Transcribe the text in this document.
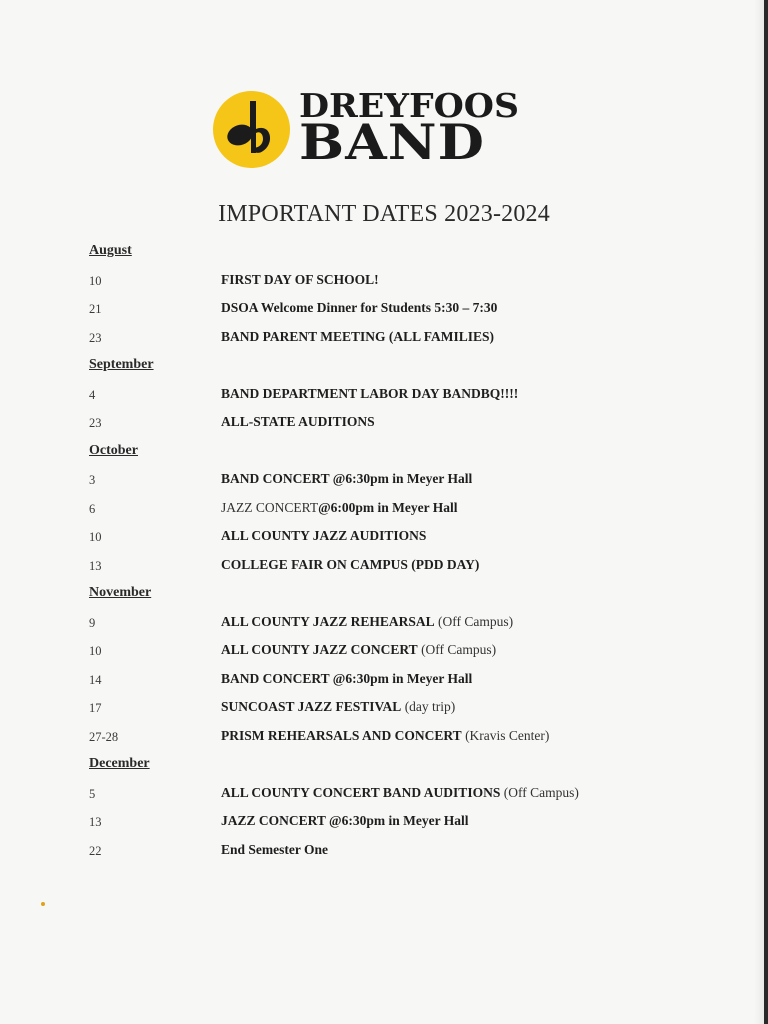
DREYFOOS
BAND
IMPORTANT DATES 2023-2024
August
10	FIRST DAY OF SCHOOL!
21	DSOA Welcome Dinner for Students 5:30 – 7:30
23	BAND PARENT MEETING (ALL FAMILIES)
September
4	BAND DEPARTMENT LABOR DAY BANDBQ!!!!
23	ALL-STATE AUDITIONS
October
3	BAND CONCERT @6:30pm in Meyer Hall
6	JAZZ CONCERT@6:00pm in Meyer Hall
10	ALL COUNTY JAZZ AUDITIONS
13	COLLEGE FAIR ON CAMPUS (PDD DAY)
November
9	ALL COUNTY JAZZ REHEARSAL (Off Campus)
10	ALL COUNTY JAZZ CONCERT (Off Campus)
14	BAND CONCERT @6:30pm in Meyer Hall
17	SUNCOAST JAZZ FESTIVAL (day trip)
27-28	PRISM REHEARSALS AND CONCERT (Kravis Center)
December
5	ALL COUNTY CONCERT BAND AUDITIONS (Off Campus)
13	JAZZ CONCERT @6:30pm in Meyer Hall
22	End Semester One
